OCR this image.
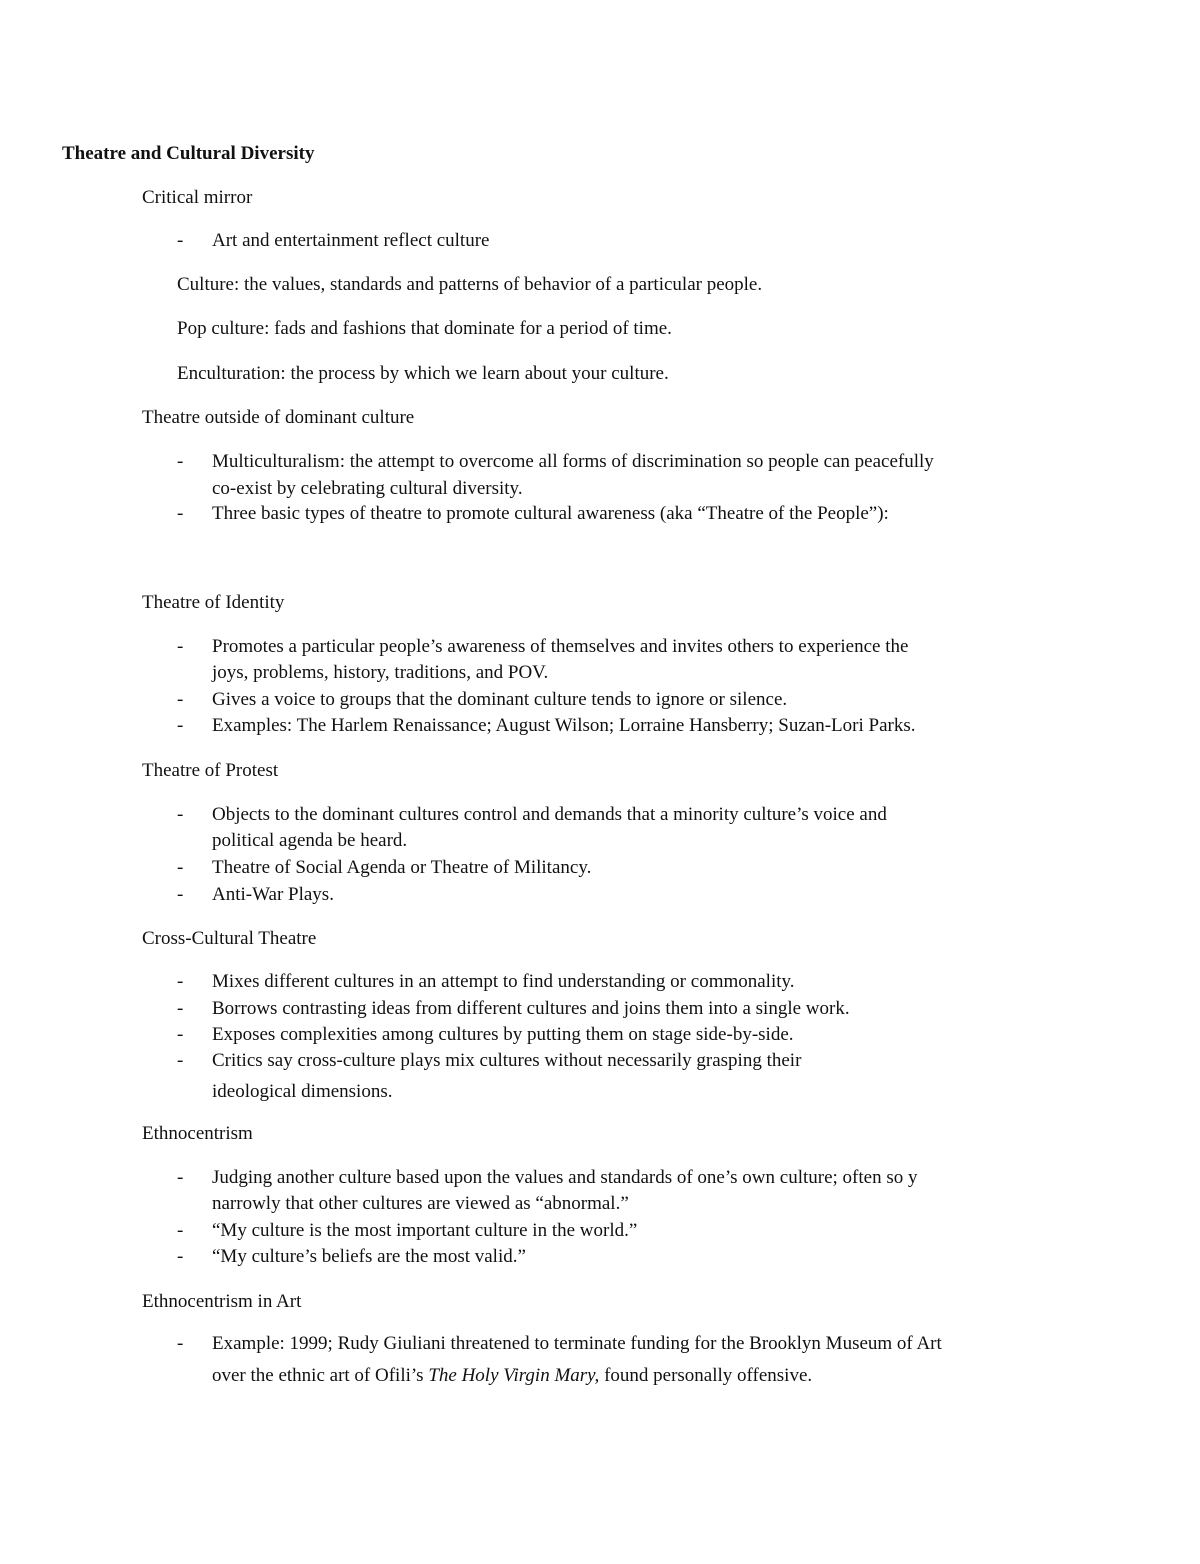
Theatre and Cultural Diversity
Critical mirror
- Art and entertainment reflect culture
Culture: the values, standards and patterns of behavior of a particular people.
Pop culture: fads and fashions that dominate for a period of time.
Enculturation: the process by which we learn about your culture.
Theatre outside of dominant culture
- Multiculturalism: the attempt to overcome all forms of discrimination so people can peacefully
co-exist by celebrating cultural diversity.
- Three basic types of theatre to promote cultural awareness (aka “Theatre of the People”):
Theatre of Identity
- Promotes a particular people’s awareness of themselves and invites others to experience the
joys, problems, history, traditions, and POV.
- Gives a voice to groups that the dominant culture tends to ignore or silence.
- Examples: The Harlem Renaissance; August Wilson; Lorraine Hansberry; Suzan-Lori Parks.
Theatre of Protest
- Objects to the dominant cultures control and demands that a minority culture’s voice and
political agenda be heard.
- Theatre of Social Agenda or Theatre of Militancy.
- Anti-War Plays.
Cross-Cultural Theatre
- Mixes different cultures in an attempt to find understanding or commonality.
- Borrows contrasting ideas from different cultures and joins them into a single work.
- Exposes complexities among cultures by putting them on stage side-by-side.
- Critics say cross-culture plays mix cultures without necessarily grasping their
ideological dimensions.
Ethnocentrism
- Judging another culture based upon the values and standards of one’s own culture; often so y
narrowly that other cultures are viewed as “abnormal.”
- “My culture is the most important culture in the world.”
- “My culture’s beliefs are the most valid.”
Ethnocentrism in Art
- Example: 1999; Rudy Giuliani threatened to terminate funding for the Brooklyn Museum of Art
over the ethnic art of Ofili’s The Holy Virgin Mary, found personally offensive.
